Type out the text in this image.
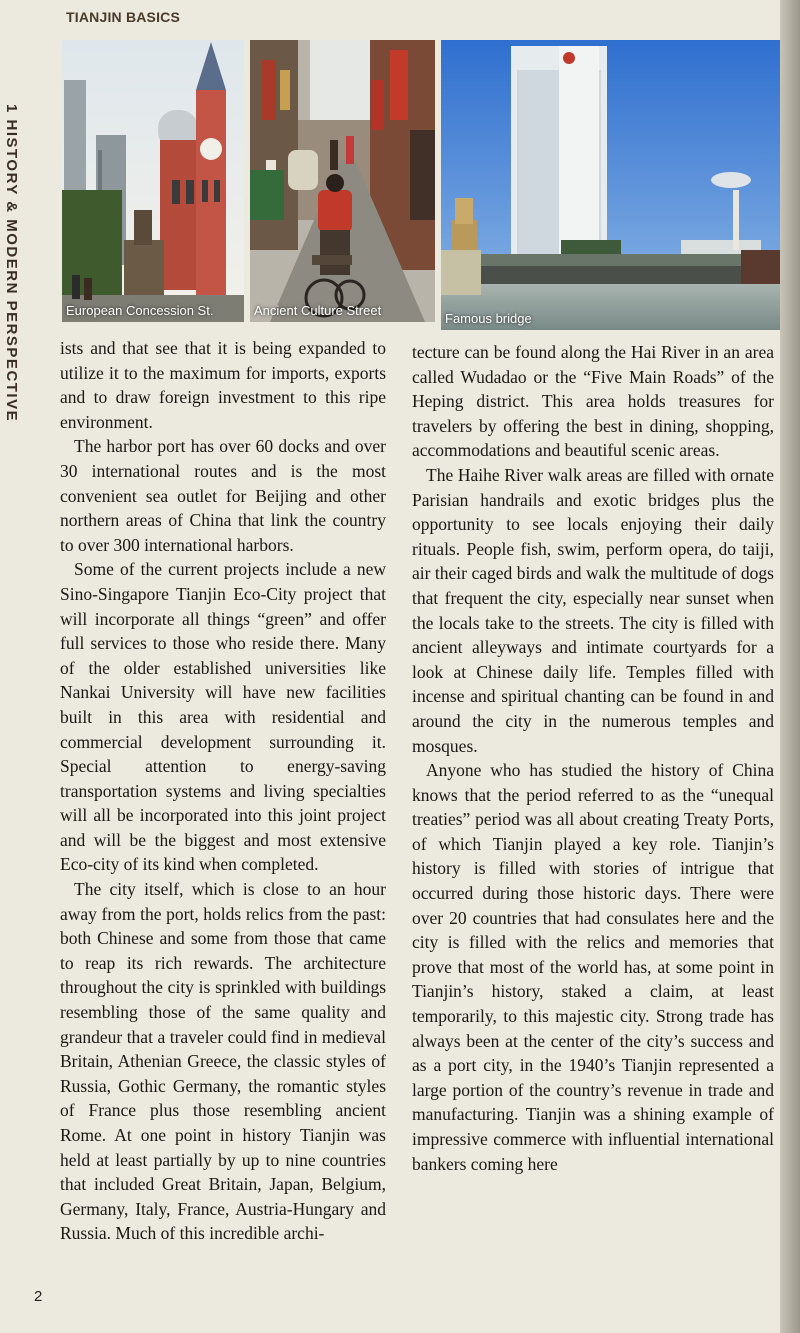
TIANJIN BASICS
1 HISTORY & MODERN PERSPECTIVE	European Concession St.	Ancient Culture Street
Famous bridge

ists and that see that it is being expanded to utilize it to the maximum for imports, exports and to draw foreign investment to this ripe environment.

The harbor port has over 60 docks and over 30 international routes and is the most convenient sea outlet for Beijing and other northern areas of China that link the country to over 300 international harbors.

Some of the current projects include a new Sino-Singapore Tianjin Eco-City project that will incorporate all things “green” and offer full services to those who reside there. Many of the older established universities like Nankai University will have new facilities built in this area with residential and commercial development surrounding it. Special attention to energy-saving transportation systems and living specialties will all be incorporated into this joint project and will be the biggest and most extensive Eco-city of its kind when completed.

The city itself, which is close to an hour away from the port, holds relics from the past: both Chinese and some from those that came to reap its rich rewards. The architecture throughout the city is sprinkled with buildings resembling those of the same quality and grandeur that a traveler could find in medieval Britain, Athenian Greece, the classic styles of Russia, Gothic Germany, the romantic styles of France plus those resembling ancient Rome. At one point in history Tianjin was held at least partially by up to nine countries that included Great Britain, Japan, Belgium, Germany, Italy, France, Austria-Hungary and Russia. Much of this incredible archi-

tecture can be found along the Hai River in an area called Wudadao or the “Five Main Roads” of the Heping district. This area holds treasures for travelers by offering the best in dining, shopping, accommodations and beautiful scenic areas.

The Haihe River walk areas are filled with ornate Parisian handrails and exotic bridges plus the opportunity to see locals enjoying their daily rituals. People fish, swim, perform opera, do taiji, air their caged birds and walk the multitude of dogs that frequent the city, especially near sunset when the locals take to the streets. The city is filled with ancient alleyways and intimate courtyards for a look at Chinese daily life. Temples filled with incense and spiritual chanting can be found in and around the city in the numerous temples and mosques.

Anyone who has studied the history of China knows that the period referred to as the “unequal treaties” period was all about creating Treaty Ports, of which Tianjin played a key role. Tianjin’s history is filled with stories of intrigue that occurred during those historic days. There were over 20 countries that had consulates here and the city is filled with the relics and memories that prove that most of the world has, at some point in Tianjin’s history, staked a claim, at least temporarily, to this majestic city. Strong trade has always been at the center of the city’s success and as a port city, in the 1940’s Tianjin represented a large portion of the country’s revenue in trade and manufacturing. Tianjin was a shining example of impressive commerce with influential international bankers coming here

2
